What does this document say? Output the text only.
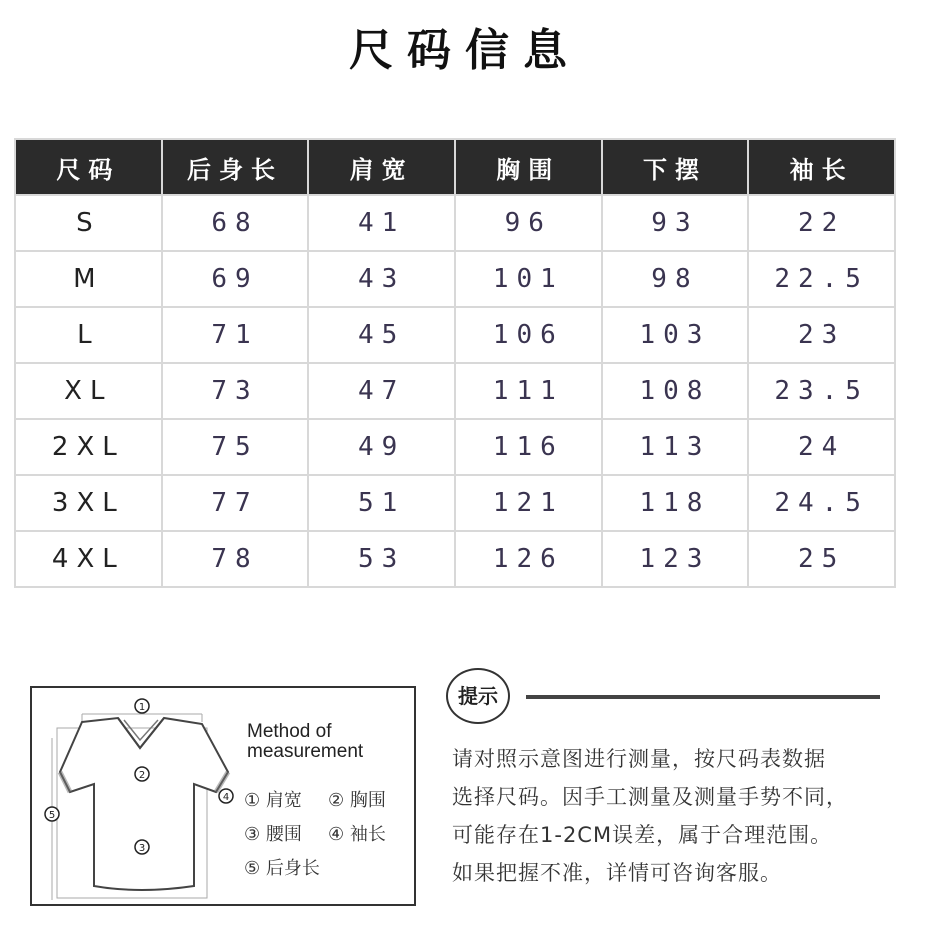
尺码信息
尺码	后身长	肩宽	胸围	下摆	袖长
S	68	41	96	93	22
M	69	43	101	98	22.5
L	71	45	106	103	23
XL	73	47	111	108	23.5
2XL	75	49	116	113	24
3XL	77	51	121	118	24.5
4XL	78	53	126	123	25
1
2
3
4
5
Method of
measurement
① 肩宽 ② 胸围 ③ 腰围 ④ 袖长 ⑤ 后身长
提示
请对照示意图进行测量，按尺码表数据
选择尺码。因手工测量及测量手势不同，
可能存在1-2CM误差，属于合理范围。
如果把握不准，详情可咨询客服。
